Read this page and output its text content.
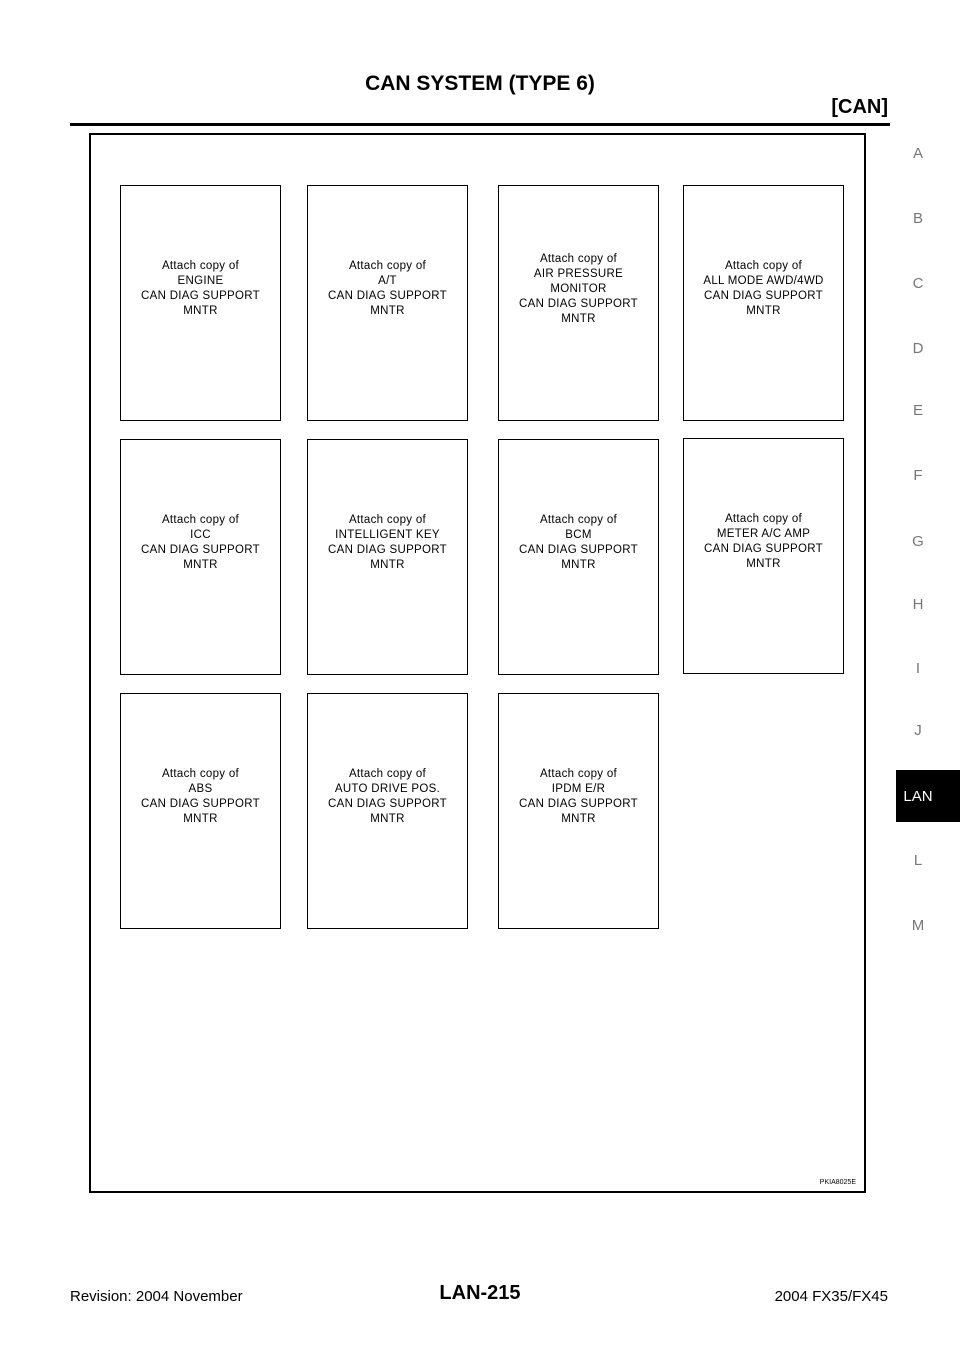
CAN SYSTEM (TYPE 6)
[CAN]
LAN
A
B
C
D
E
F
G
H
I
J
L
M
PKIA8025E
Attach copy of
ENGINE
CAN DIAG SUPPORT
MNTR
Attach copy of
A/T
CAN DIAG SUPPORT
MNTR
Attach copy of
AIR PRESSURE
MONITOR
CAN DIAG SUPPORT
MNTR
Attach copy of
ALL MODE AWD/4WD
CAN DIAG SUPPORT
MNTR
Attach copy of
ICC
CAN DIAG SUPPORT
MNTR
Attach copy of
INTELLIGENT KEY
CAN DIAG SUPPORT
MNTR
Attach copy of
BCM
CAN DIAG SUPPORT
MNTR
Attach copy of
METER A/C AMP
CAN DIAG SUPPORT
MNTR
Attach copy of
ABS
CAN DIAG SUPPORT
MNTR
Attach copy of
AUTO DRIVE POS.
CAN DIAG SUPPORT
MNTR
Attach copy of
IPDM E/R
CAN DIAG SUPPORT
MNTR
Revision: 2004 November	LAN-215	2004 FX35/FX45
